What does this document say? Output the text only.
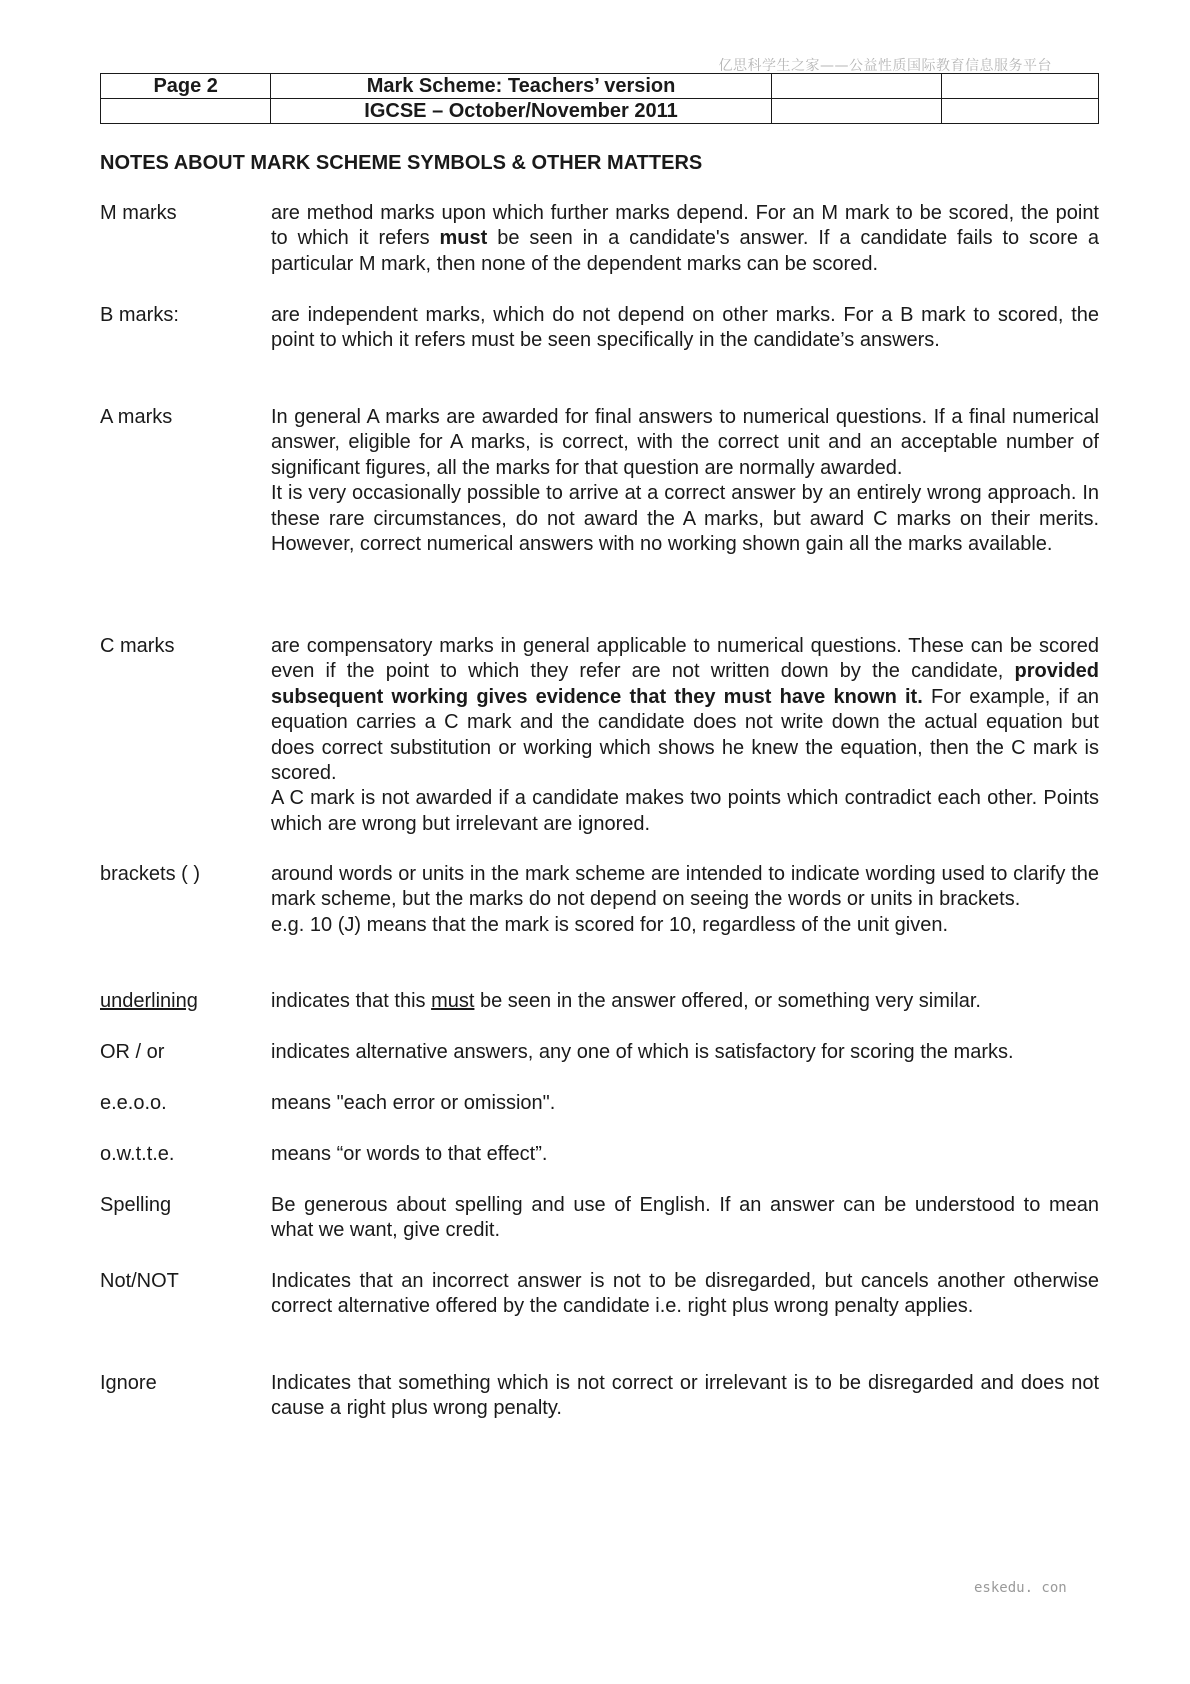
亿思科学生之家——公益性质国际教育信息服务平台
Page 2	Mark Scheme: Teachers’ version		
	IGCSE – October/November 2011		
NOTES ABOUT MARK SCHEME SYMBOLS & OTHER MATTERS
M marks	are method marks upon which further marks depend. For an M mark to be scored, the point to which it refers must be seen in a candidate's answer. If a candidate fails to score a particular M mark, then none of the dependent marks can be scored.

B marks:	are independent marks, which do not depend on other marks. For a B mark to scored, the point to which it refers must be seen specifically in the candidate’s answers.

A marks	In general A marks are awarded for final answers to numerical questions. If a final numerical answer, eligible for A marks, is correct, with the correct unit and an acceptable number of significant figures, all the marks for that question are normally awarded.

It is very occasionally possible to arrive at a correct answer by an entirely wrong approach. In these rare circumstances, do not award the A marks, but award C marks on their merits. However, correct numerical answers with no working shown gain all the marks available.

C marks	are compensatory marks in general applicable to numerical questions. These can be scored even if the point to which they refer are not written down by the candidate, provided subsequent working gives evidence that they must have known it. For example, if an equation carries a C mark and the candidate does not write down the actual equation but does correct substitution or working which shows he knew the equation, then the C mark is scored.

A C mark is not awarded if a candidate makes two points which contradict each other. Points which are wrong but irrelevant are ignored.

brackets ( )	around words or units in the mark scheme are intended to indicate wording used to clarify the mark scheme, but the marks do not depend on seeing the words or units in brackets.

e.g. 10 (J) means that the mark is scored for 10, regardless of the unit given.

underlining	indicates that this must be seen in the answer offered, or something very similar.

OR / or	indicates alternative answers, any one of which is satisfactory for scoring the marks.

e.e.o.o.	means "each error or omission".

o.w.t.t.e.	means “or words to that effect”.

Spelling	Be generous about spelling and use of English. If an answer can be understood to mean what we want, give credit.

Not/NOT	Indicates that an incorrect answer is not to be disregarded, but cancels another otherwise correct alternative offered by the candidate i.e. right plus wrong penalty applies.

Ignore	Indicates that something which is not correct or irrelevant is to be disregarded and does not cause a right plus wrong penalty.

eskedu. con
